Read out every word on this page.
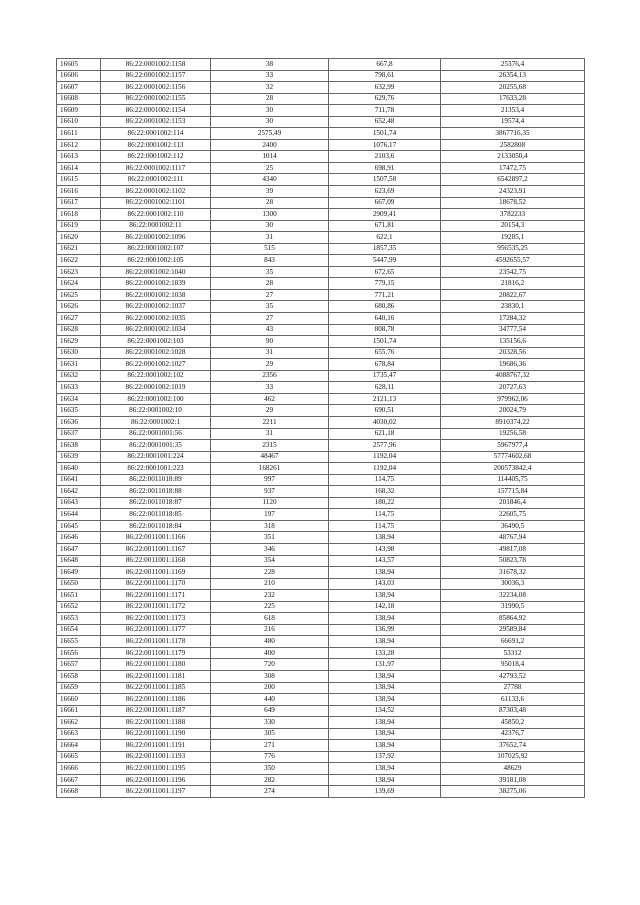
16605	86:22:0001002:1158	38	667,8	25376,4
16606	86:22:0001002:1157	33	798,61	26354,13
16607	86:22:0001002:1156	32	632,99	20255,68
16608	86:22:0001002:1155	28	629,76	17633,28
16609	86:22:0001002:1154	30	711,78	21353,4
16610	86:22:0001002:1153	30	652,48	19574,4
16611	86:22:0001002:114	2575,49	1501,74	3867716,35
16612	86:22:0001002:113	2400	1076,17	2582808
16613	86:22:0001002:112	1014	2103,6	2133050,4
16614	86:22:0001002:1117	25	698,91	17472,75
16615	86:22:0001002:111	4340	1507,58	6542897,2
16616	86:22:0001002:1102	39	623,69	24323,91
16617	86:22:0001002:1101	28	667,09	18678,52
16618	86:22:0001002:110	1300	2909,41	3782233
16619	86:22:0001002:11	30	671,81	20154,3
16620	86:22:0001002:1096	31	622,1	19285,1
16621	86:22:0001002:107	515	1857,35	956535,25
16622	86:22:0001002:105	843	5447,99	4592655,57
16623	86:22:0001002:1040	35	672,65	23542,75
16624	86:22:0001002:1039	28	779,15	21816,2
16625	86:22:0001002:1038	27	771,21	20822,67
16626	86:22:0001002:1037	35	680,86	23830,1
16627	86:22:0001002:1035	27	640,16	17284,32
16628	86:22:0001002:1034	43	808,78	34777,54
16629	86:22:0001002:103	90	1501,74	135156,6
16630	86:22:0001002:1028	31	655,76	20328,56
16631	86:22:0001002:1027	29	678,84	19686,36
16632	86:22:0001002:102	2356	1735,47	4088767,32
16633	86:22:0001002:1019	33	628,11	20727,63
16634	86:22:0001002:100	462	2121,13	979962,06
16635	86:22:0001002:10	29	690,51	20024,79
16636	86:22:0001002:1	2211	4030,02	8910374,22
16637	86:22:0001001:56	31	621,18	19256,58
16638	86:22:0001001:35	2315	2577,96	5967977,4
16639	86:22:0001001:224	48467	1192,04	57774602,68
16640	86:22:0001001:223	168261	1192,04	200573842,4
16641	86:22:0011018:89	997	114,75	114405,75
16642	86:22:0011018:88	937	168,32	157715,84
16643	86:22:0011018:87	1120	180,22	201846,4
16644	86:22:0011018:85	197	114,75	22605,75
16645	86:22:0011018:84	318	114,75	36490,5
16646	86:22:0011001:1166	351	138,94	48767,94
16647	86:22:0011001:1167	346	143,98	49817,08
16648	86:22:0011001:1168	354	143,57	50823,78
16649	86:22:0011001:1169	228	138,94	31678,32
16650	86:22:0011001:1170	210	143,03	30036,3
16651	86:22:0011001:1171	232	138,94	32234,08
16652	86:22:0011001:1172	225	142,18	31990,5
16653	86:22:0011001:1173	618	138,94	85864,92
16654	86:22:0011001:1177	216	136,99	29589,84
16655	86:22:0011001:1178	480	138,94	66691,2
16656	86:22:0011001:1179	400	133,28	53312
16657	86:22:0011001:1180	720	131,97	95018,4
16658	86:22:0011001:1181	308	138,94	42793,52
16659	86:22:0011001:1185	200	138,94	27788
16660	86:22:0011001:1186	440	138,94	61133,6
16661	86:22:0011001:1187	649	134,52	87303,48
16662	86:22:0011001:1188	330	138,94	45850,2
16663	86:22:0011001:1190	305	138,94	42376,7
16664	86:22:0011001:1191	271	138,94	37652,74
16665	86:22:0011001:1193	776	137,92	107025,92
16666	86:22:0011001:1195	350	138,94	48629
16667	86:22:0011001:1196	282	138,94	39181,08
16668	86:22:0011001:1197	274	139,69	38275,06
